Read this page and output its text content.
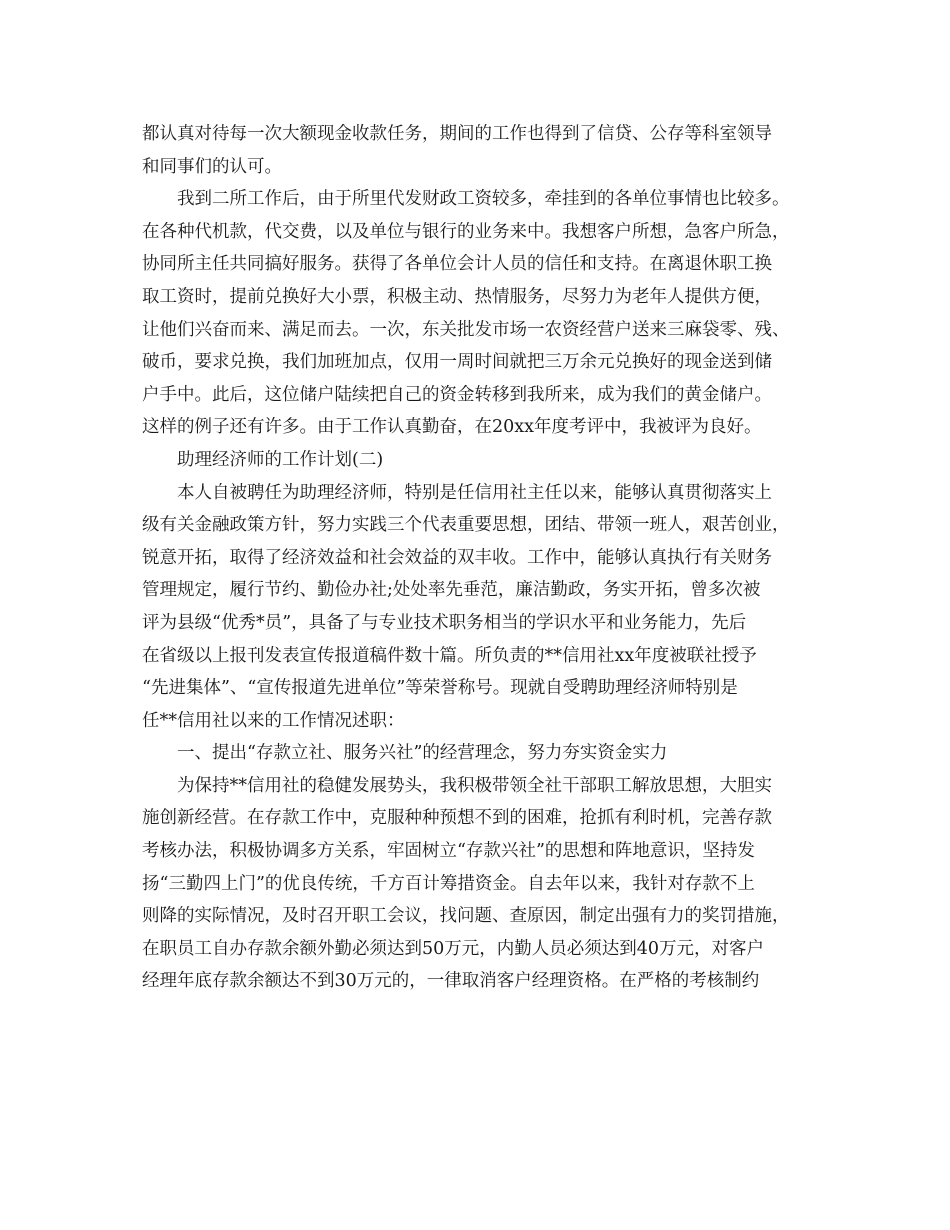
都认真对待每一次大额现金收款任务，期间的工作也得到了信贷、公存等科室领导
和同事们的认可。
我到二所工作后，由于所里代发财政工资较多，牵挂到的各单位事情也比较多。
在各种代机款，代交费，以及单位与银行的业务来中。我想客户所想，急客户所急，
协同所主任共同搞好服务。获得了各单位会计人员的信任和支持。在离退休职工换
取工资时，提前兑换好大小票，积极主动、热情服务，尽努力为老年人提供方便，
让他们兴奋而来、满足而去。一次，东关批发市场一农资经营户送来三麻袋零、残、
破币，要求兑换，我们加班加点，仅用一周时间就把三万余元兑换好的现金送到储
户手中。此后，这位储户陆续把自己的资金转移到我所来，成为我们的黄金储户。
这样的例子还有许多。由于工作认真勤奋，在20xx年度考评中，我被评为良好。
助理经济师的工作计划(二)
本人自被聘任为助理经济师，特别是任信用社主任以来，能够认真贯彻落实上
级有关金融政策方针，努力实践三个代表重要思想，团结、带领一班人，艰苦创业，
锐意开拓，取得了经济效益和社会效益的双丰收。工作中，能够认真执行有关财务
管理规定，履行节约、勤俭办社;处处率先垂范，廉洁勤政，务实开拓，曾多次被
评为县级“优秀*员”，具备了与专业技术职务相当的学识水平和业务能力，先后
在省级以上报刊发表宣传报道稿件数十篇。所负责的**信用社xx年度被联社授予
“先进集体”、“宣传报道先进单位”等荣誉称号。现就自受聘助理经济师特别是
任**信用社以来的工作情况述职：
一、提出“存款立社、服务兴社”的经营理念，努力夯实资金实力
为保持**信用社的稳健发展势头，我积极带领全社干部职工解放思想，大胆实
施创新经营。在存款工作中，克服种种预想不到的困难，抢抓有利时机，完善存款
考核办法，积极协调多方关系，牢固树立“存款兴社”的思想和阵地意识，坚持发
扬“三勤四上门”的优良传统，千方百计筹措资金。自去年以来，我针对存款不上
则降的实际情况，及时召开职工会议，找问题、查原因，制定出强有力的奖罚措施，
在职员工自办存款余额外勤必须达到50万元，内勤人员必须达到40万元，对客户
经理年底存款余额达不到30万元的，一律取消客户经理资格。在严格的考核制约
